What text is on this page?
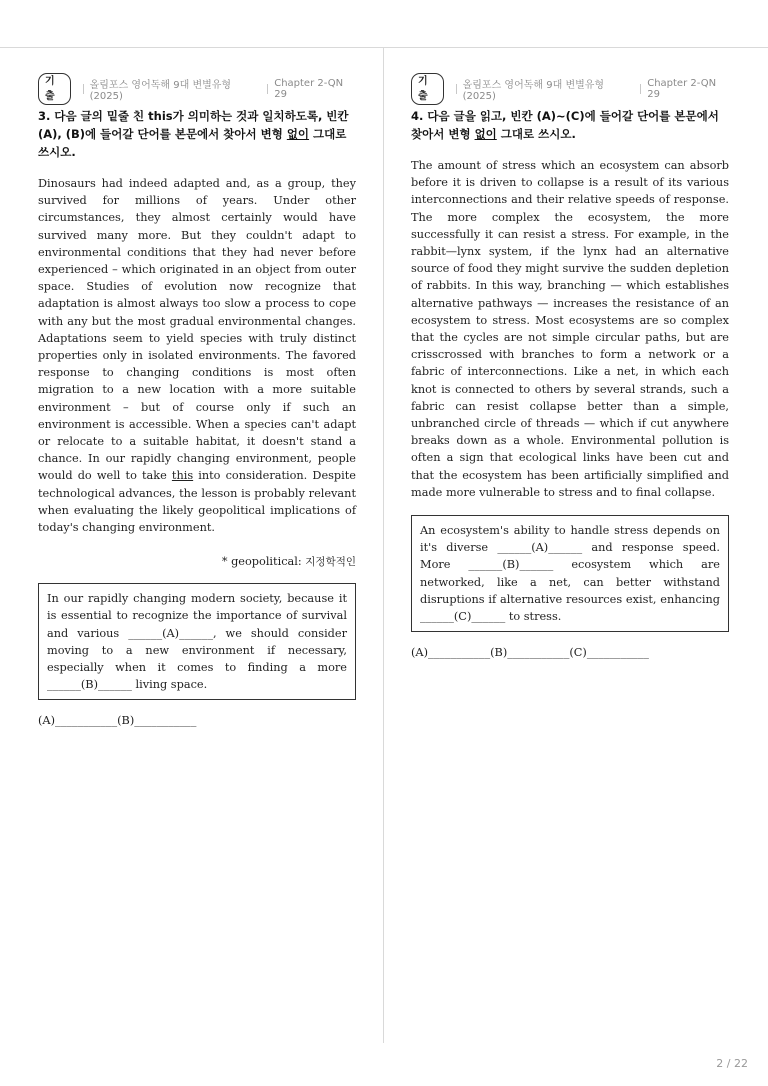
기출
올림포스 영어독해 9대 변별유형 (2025)
Chapter 2-QN 29
3. 다음 글의 밑줄 친 this가 의미하는 것과 일치하도록, 빈칸 (A), (B)에 들어갈 단어를 본문에서 찾아서 변형 없이 그대로 쓰시오.
Dinosaurs had indeed adapted and, as a group, they survived for millions of years. Under other circumstances, they almost certainly would have survived many more. But they couldn't adapt to environmental conditions that they had never before experienced – which originated in an object from outer space. Studies of evolution now recognize that adaptation is almost always too slow a process to cope with any but the most gradual environmental changes. Adaptations seem to yield species with truly distinct properties only in isolated environments. The favored response to changing conditions is most often migration to a new location with a more suitable environment – but of course only if such an environment is accessible. When a species can't adapt or relocate to a suitable habitat, it doesn't stand a chance. In our rapidly changing environment, people would do well to take this into consideration. Despite technological advances, the lesson is probably relevant when evaluating the likely geopolitical implications of today's changing environment.
* geopolitical: 지정학적인
In our rapidly changing modern society, because it is essential to recognize the importance of survival and various ______(A)______, we should consider moving to a new environment if necessary, especially when it comes to finding a more ______(B)______ living space.
(A)___________(B)___________
기출
올림포스 영어독해 9대 변별유형 (2025)
Chapter 2-QN 29
4. 다음 글을 읽고, 빈칸 (A)~(C)에 들어갈 단어를 본문에서 찾아서 변형 없이 그대로 쓰시오.
The amount of stress which an ecosystem can absorb before it is driven to collapse is a result of its various interconnections and their relative speeds of response. The more complex the ecosystem, the more successfully it can resist a stress. For example, in the rabbit—lynx system, if the lynx had an alternative source of food they might survive the sudden depletion of rabbits. In this way, branching — which establishes alternative pathways — increases the resistance of an ecosystem to stress. Most ecosystems are so complex that the cycles are not simple circular paths, but are crisscrossed with branches to form a network or a fabric of interconnections. Like a net, in which each knot is connected to others by several strands, such a fabric can resist collapse better than a simple, unbranched circle of threads — which if cut anywhere breaks down as a whole. Environmental pollution is often a sign that ecological links have been cut and that the ecosystem has been artificially simplified and made more vulnerable to stress and to final collapse.
An ecosystem's ability to handle stress depends on it's diverse ______(A)______ and response speed. More ______(B)______ ecosystem which are networked, like a net, can better withstand disruptions if alternative resources exist, enhancing ______(C)______ to stress.
(A)___________(B)___________(C)___________
2 / 22
